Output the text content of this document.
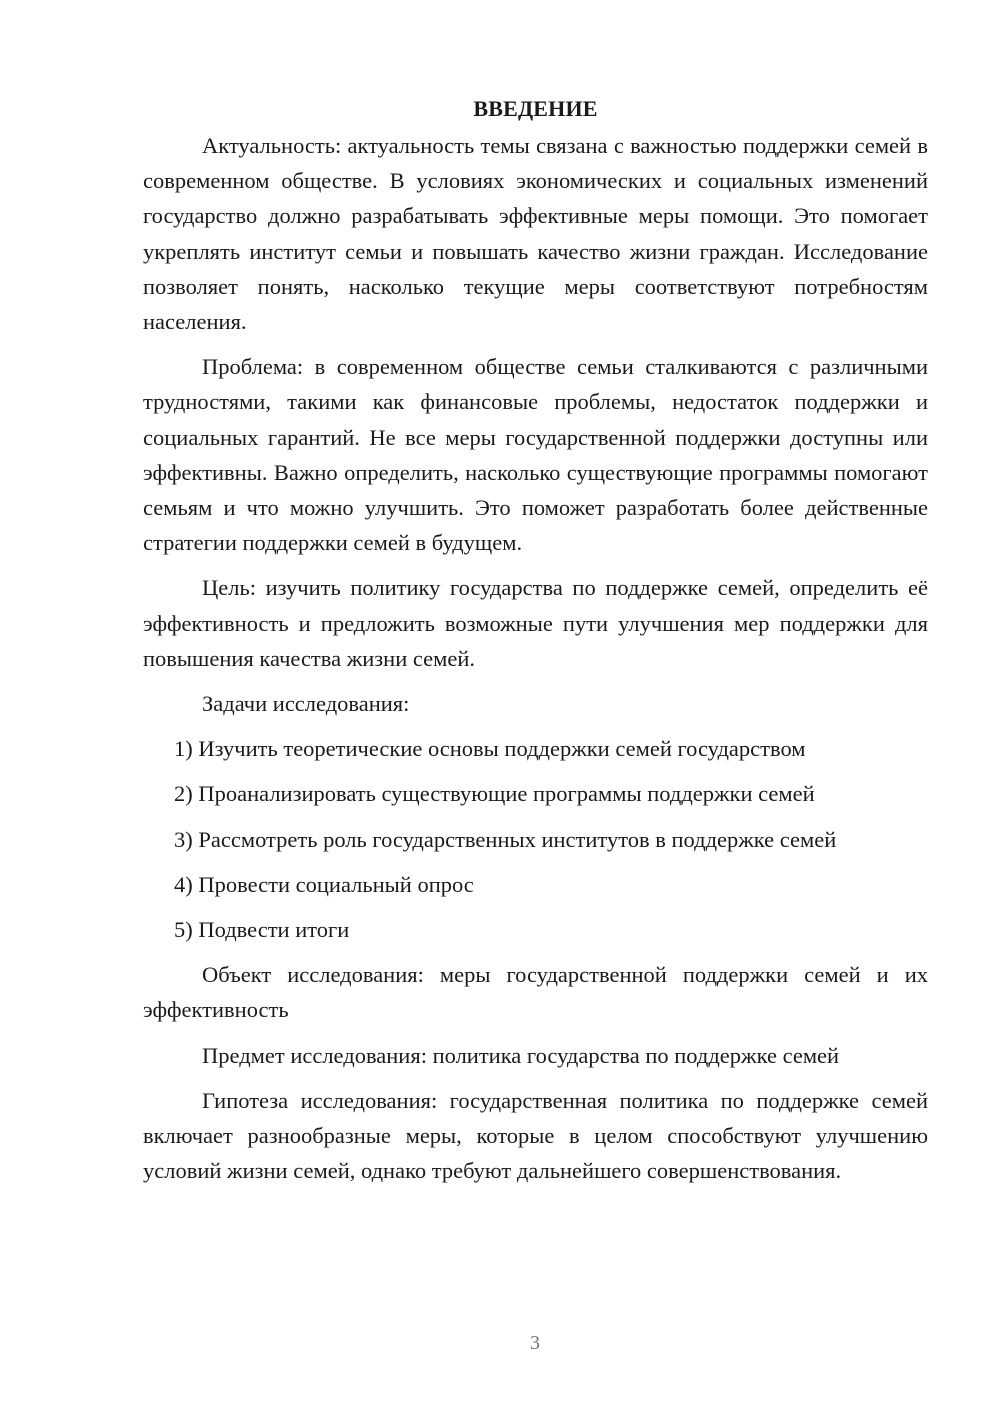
ВВЕДЕНИЕ

Актуальность: актуальность темы связана с важностью поддержки семей в современном обществе. В условиях экономических и социальных изменений государство должно разрабатывать эффективные меры помощи. Это помогает укреплять институт семьи и повышать качество жизни граждан. Исследование позволяет понять, насколько текущие меры соответствуют потребностям населения.

Проблема: в современном обществе семьи сталкиваются с различными трудностями, такими как финансовые проблемы, недостаток поддержки и социальных гарантий. Не все меры государственной поддержки доступны или эффективны. Важно определить, насколько существующие программы помогают семьям и что можно улучшить. Это поможет разработать более действенные стратегии поддержки семей в будущем.

Цель: изучить политику государства по поддержке семей, определить её эффективность и предложить возможные пути улучшения мер поддержки для повышения качества жизни семей.

Задачи исследования:

1) Изучить теоретические основы поддержки семей государством

2) Проанализировать существующие программы поддержки семей

3) Рассмотреть роль государственных институтов в поддержке семей

4) Провести социальный опрос

5) Подвести итоги

Объект исследования: меры государственной поддержки семей и их эффективность

Предмет исследования: политика государства по поддержке семей

Гипотеза исследования: государственная политика по поддержке семей включает разнообразные меры, которые в целом способствуют улучшению условий жизни семей, однако требуют дальнейшего совершенствования.

3
